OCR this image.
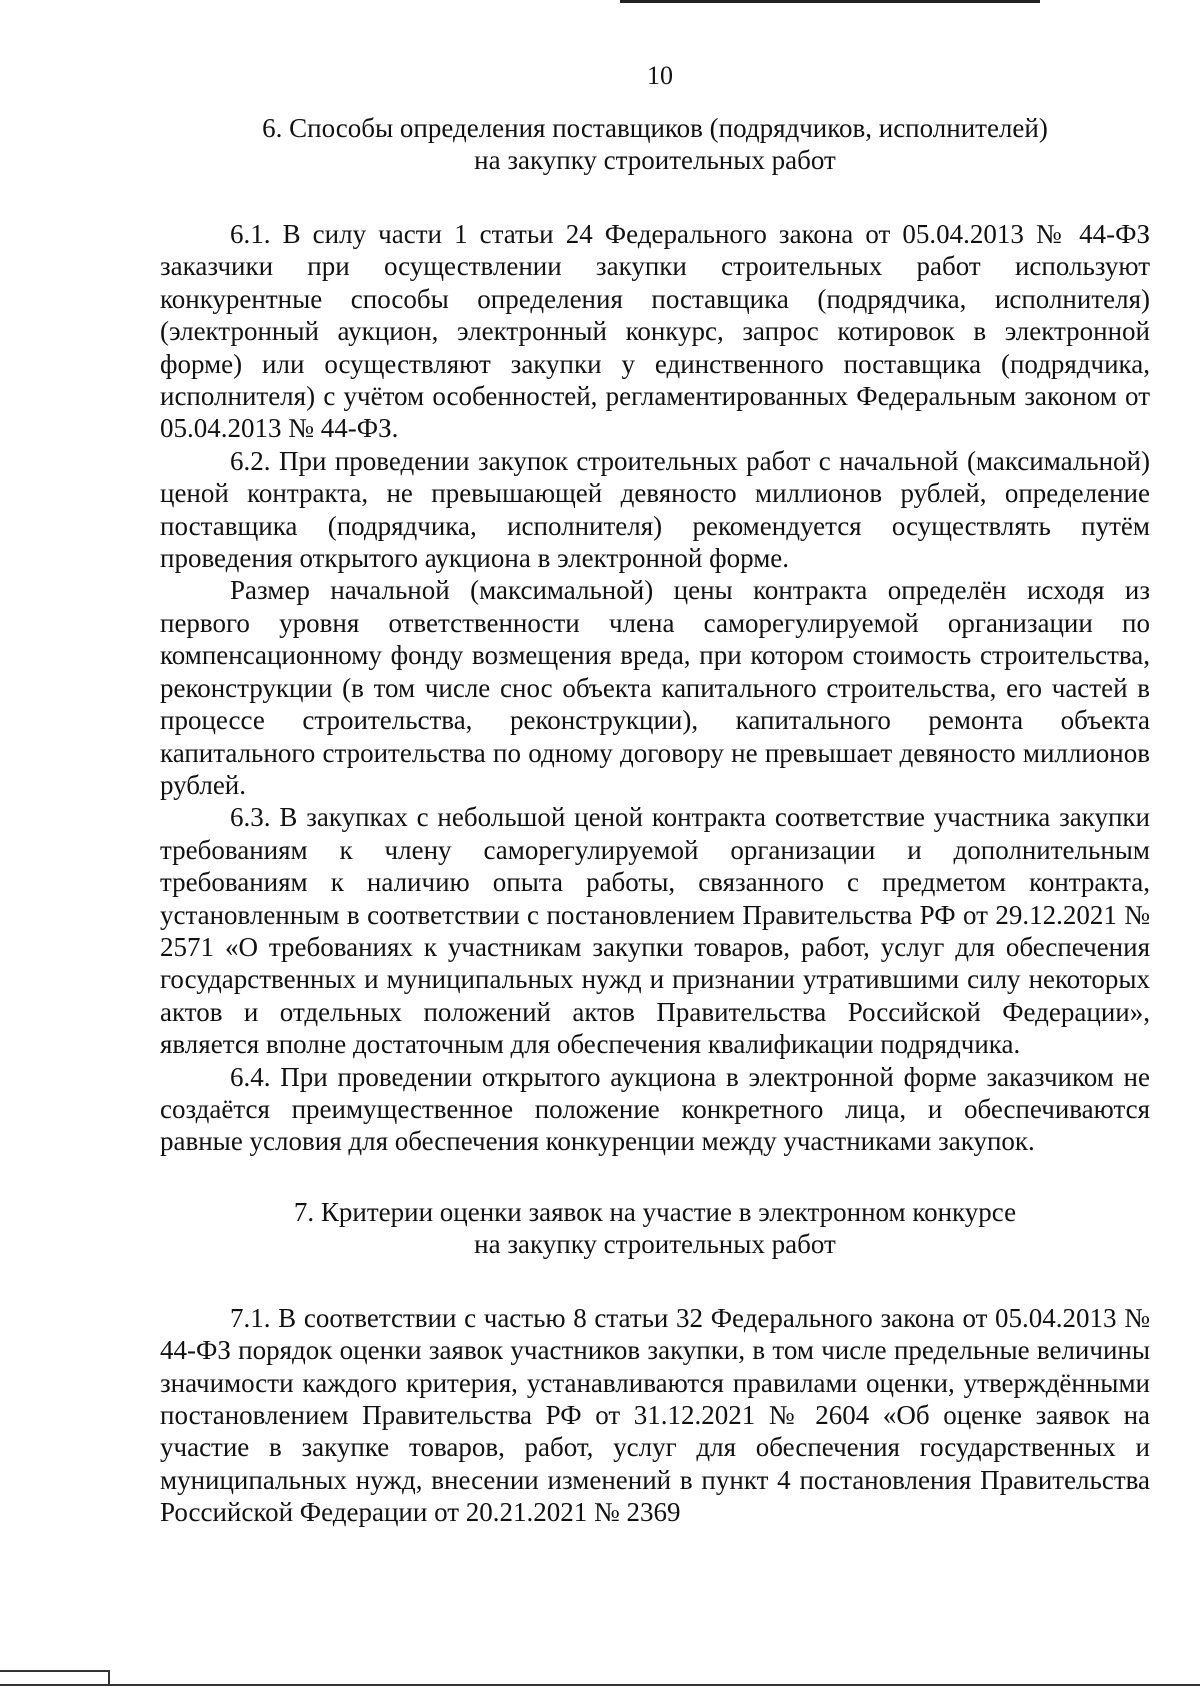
10
6. Способы определения поставщиков (подрядчиков, исполнителей)
на закупку строительных работ

6.1. В силу части 1 статьи 24 Федерального закона от 05.04.2013 № 44-ФЗ заказчики при осуществлении закупки строительных работ используют конкурентные способы определения поставщика (подрядчика, исполнителя) (электронный аукцион, электронный конкурс, запрос котировок в электронной форме) или осуществляют закупки у единственного поставщика (подрядчика, исполнителя) с учётом особенностей, регламентированных Федеральным законом от 05.04.2013 № 44-ФЗ.

6.2. При проведении закупок строительных работ с начальной (максимальной) ценой контракта, не превышающей девяносто миллионов рублей, определение поставщика (подрядчика, исполнителя) рекомендуется осуществлять путём проведения открытого аукциона в электронной форме.

Размер начальной (максимальной) цены контракта определён исходя из первого уровня ответственности члена саморегулируемой организации по компенсационному фонду возмещения вреда, при котором стоимость строительства, реконструкции (в том числе снос объекта капитального строительства, его частей в процессе строительства, реконструкции), капитального ремонта объекта капитального строительства по одному договору не превышает девяносто миллионов рублей.

6.3. В закупках с небольшой ценой контракта соответствие участника закупки требованиям к члену саморегулируемой организации и дополнительным требованиям к наличию опыта работы, связанного с предметом контракта, установленным в соответствии с постановлением Правительства РФ от 29.12.2021 № 2571 «О требованиях к участникам закупки товаров, работ, услуг для обеспечения государственных и муниципальных нужд и признании утратившими силу некоторых актов и отдельных положений актов Правительства Российской Федерации», является вполне достаточным для обеспечения квалификации подрядчика.

6.4. При проведении открытого аукциона в электронной форме заказчиком не создаётся преимущественное положение конкретного лица, и обеспечиваются равные условия для обеспечения конкуренции между участниками закупок.

7. Критерии оценки заявок на участие в электронном конкурсе
на закупку строительных работ

7.1. В соответствии с частью 8 статьи 32 Федерального закона от 05.04.2013 № 44-ФЗ порядок оценки заявок участников закупки, в том числе предельные величины значимости каждого критерия, устанавливаются правилами оценки, утверждёнными постановлением Правительства РФ от 31.12.2021 № 2604 «Об оценке заявок на участие в закупке товаров, работ, услуг для обеспечения государственных и муниципальных нужд, внесении изменений в пункт 4 постановления Правительства Российской Федерации от 20.21.2021 № 2369
